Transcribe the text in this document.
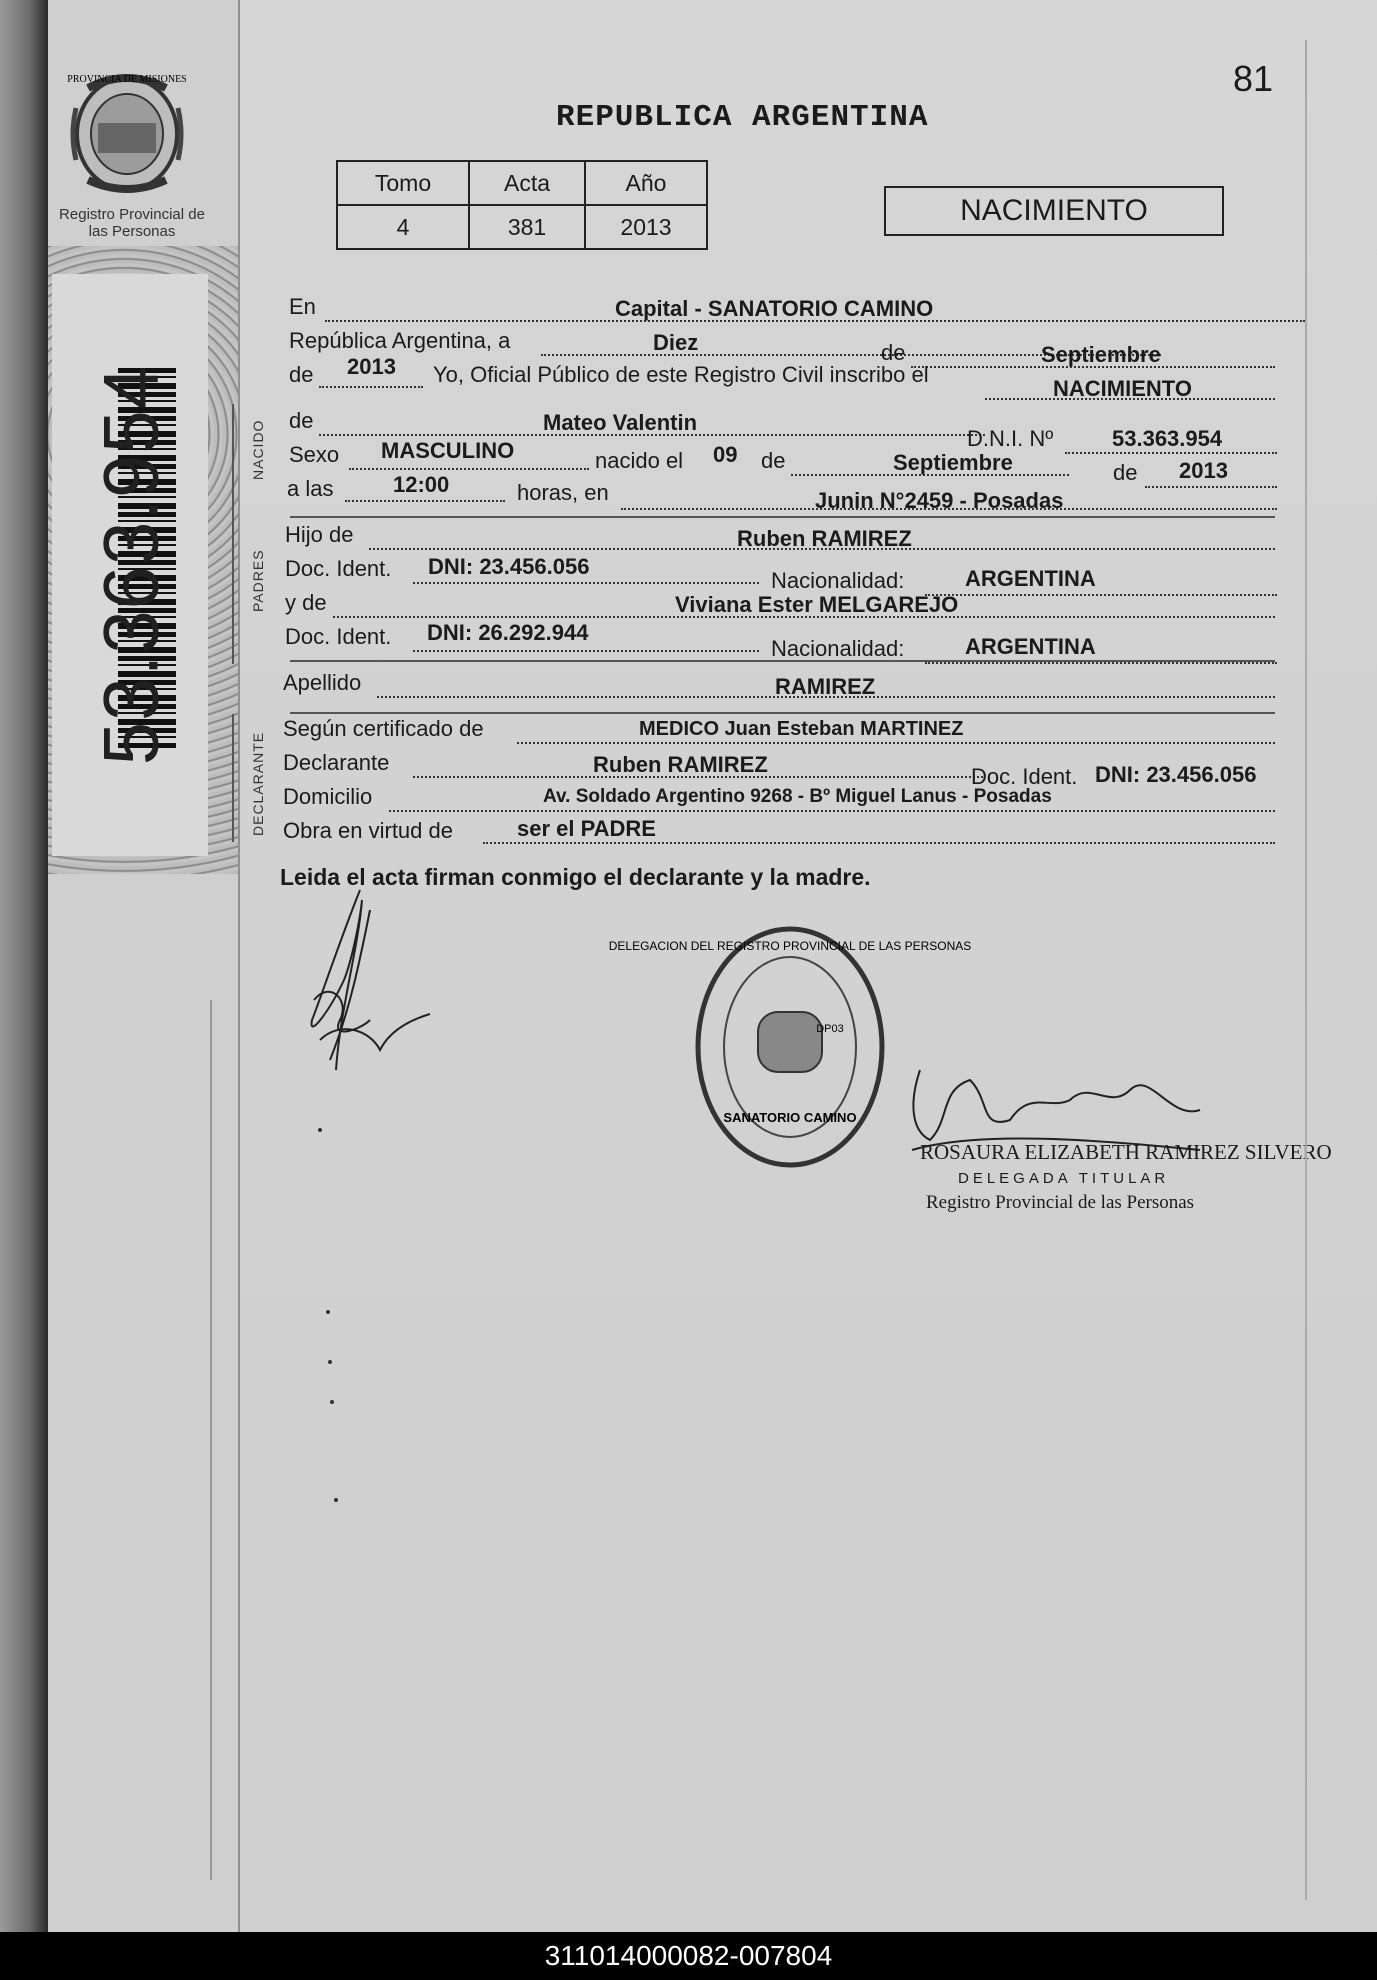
PROVINCIA DE MISIONES
Registro Provincial de las Personas
53.363.954
81
REPUBLICA ARGENTINA
Tomo	Acta	Año
4	381	2013	NACIMIENTO
En	Capital - SANATORIO CAMINO
República Argentina, a	Diez	de	Septiembre
de 2013 Yo, Oficial Público de este Registro Civil inscribo el
NACIMIENTO
NACIDO de	Mateo Valentin
D.N.I. Nº	53.363.954
Sexo MASCULINO	nacido el 09 de	Septiembre	de 2013
a las	12:00	horas, en	Junin N°2459 - Posadas
PADRES
Hijo de	Ruben RAMIREZ
Doc. Ident. DNI: 23.456.056
Nacionalidad:	ARGENTINA
y de	Viviana Ester MELGAREJO
Doc. Ident. DNI: 26.292.944
Nacionalidad:	ARGENTINA
Apellido	RAMIREZ
DECLARANTE
Según certificado de	MEDICO Juan Esteban MARTINEZ
Declarante	Ruben RAMIREZ	Doc. Ident. DNI: 23.456.056
Domicilio	Av. Soldado Argentino 9268 - Bº Miguel Lanus - Posadas
Obra en virtud de	ser el PADRE
Leida el acta firman conmigo el declarante y la madre.
DELEGACION DEL REGISTRO PROVINCIAL DE LAS PERSONAS
SANATORIO CAMINO
DP03
ROSAURA ELIZABETH RAMIREZ SILVERO
DELEGADA TITULAR
Registro Provincial de las Personas
311014000082-007804
